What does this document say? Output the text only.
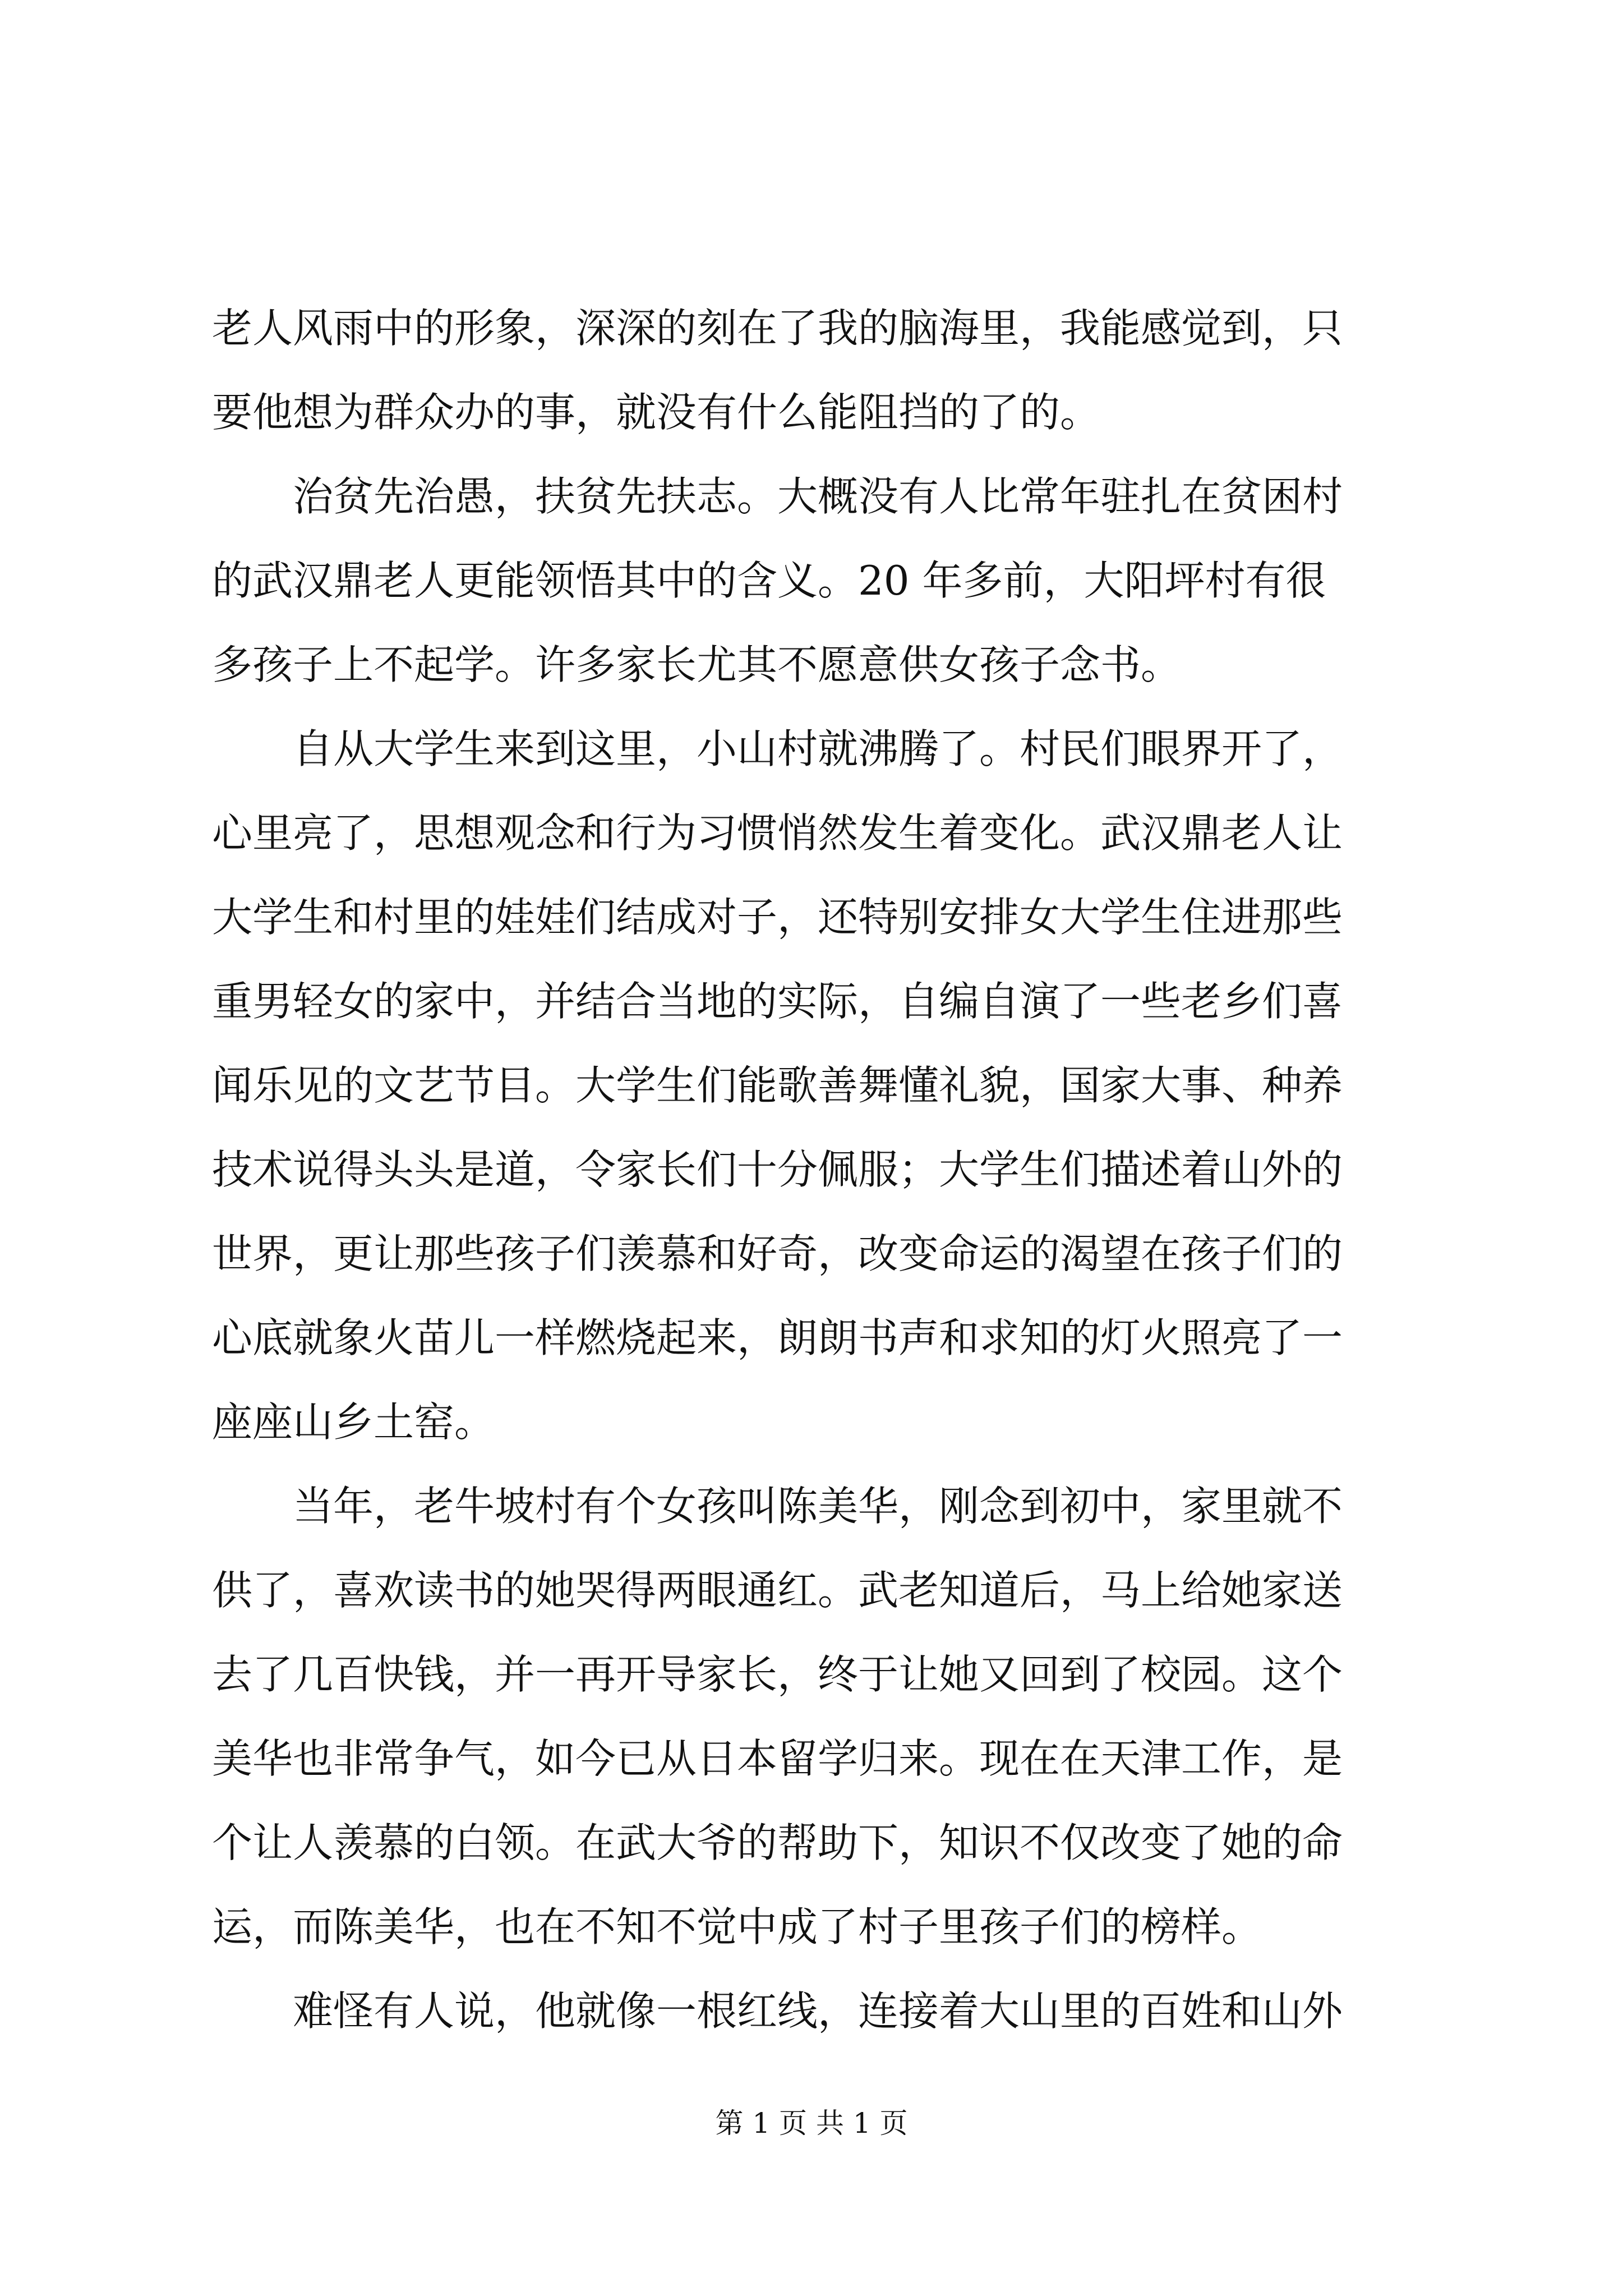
老人风雨中的形象，深深的刻在了我的脑海里，我能感觉到，只
要他想为群众办的事，就没有什么能阻挡的了的。
治贫先治愚，扶贫先扶志。大概没有人比常年驻扎在贫困村
的武汉鼎老人更能领悟其中的含义。20 年多前，大阳坪村有很
多孩子上不起学。许多家长尤其不愿意供女孩子念书。
自从大学生来到这里，小山村就沸腾了。村民们眼界开了，
心里亮了，思想观念和行为习惯悄然发生着变化。武汉鼎老人让
大学生和村里的娃娃们结成对子，还特别安排女大学生住进那些
重男轻女的家中，并结合当地的实际，自编自演了一些老乡们喜
闻乐见的文艺节目。大学生们能歌善舞懂礼貌，国家大事、种养
技术说得头头是道，令家长们十分佩服；大学生们描述着山外的
世界，更让那些孩子们羡慕和好奇，改变命运的渴望在孩子们的
心底就象火苗儿一样燃烧起来，朗朗书声和求知的灯火照亮了一
座座山乡土窑。
当年，老牛坡村有个女孩叫陈美华，刚念到初中，家里就不
供了，喜欢读书的她哭得两眼通红。武老知道后，马上给她家送
去了几百快钱，并一再开导家长，终于让她又回到了校园。这个
美华也非常争气，如今已从日本留学归来。现在在天津工作，是
个让人羡慕的白领。在武大爷的帮助下，知识不仅改变了她的命
运，而陈美华，也在不知不觉中成了村子里孩子们的榜样。
难怪有人说，他就像一根红线，连接着大山里的百姓和山外
第 1 页 共 1 页
